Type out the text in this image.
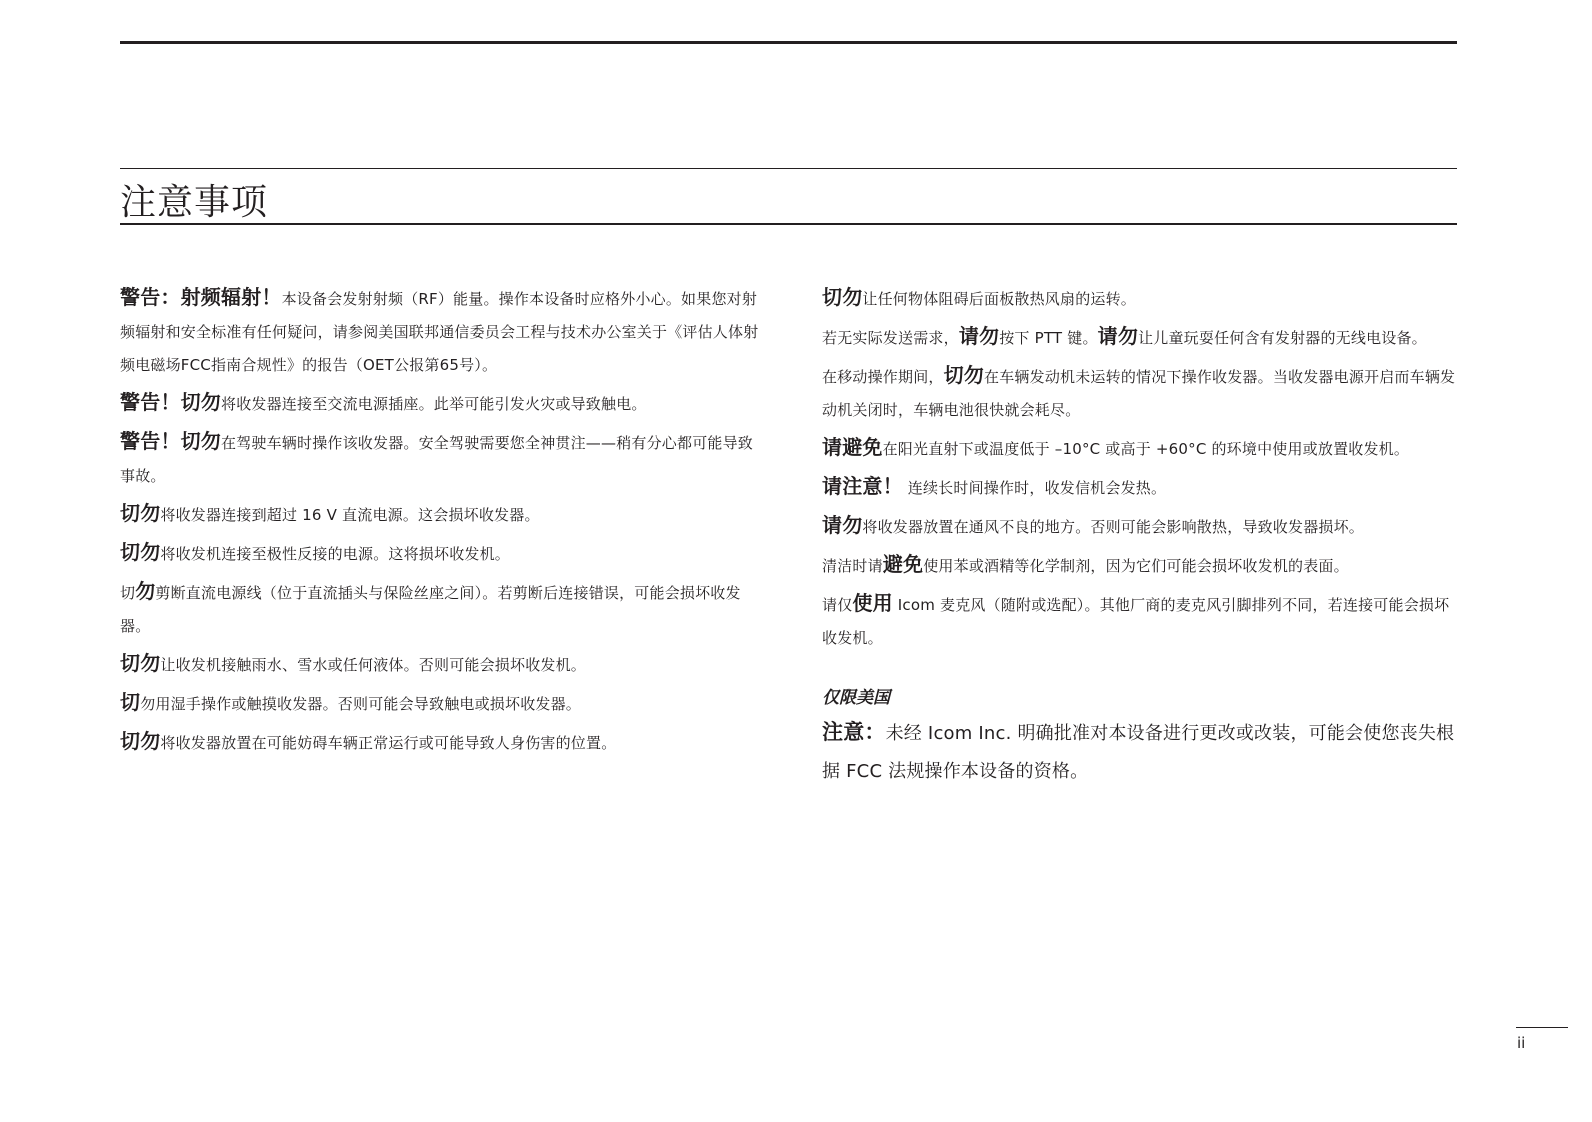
注意事项

警告：射频辐射！本设备会发射射频（RF）能量。操作本设备时应格外小心。如果您对射频辐射和安全标准有任何疑问，请参阅美国联邦通信委员会工程与技术办公室关于《评估人体射频电磁场FCC指南合规性》的报告（OET公报第65号）。

警告！切勿将收发器连接至交流电源插座。此举可能引发火灾或导致触电。

警告！切勿在驾驶车辆时操作该收发器。安全驾驶需要您全神贯注——稍有分心都可能导致事故。

切勿将收发器连接到超过 16 V 直流电源。这会损坏收发器。

切勿将收发机连接至极性反接的电源。这将损坏收发机。

切勿剪断直流电源线（位于直流插头与保险丝座之间）。若剪断后连接错误，可能会损坏收发器。

切勿让收发机接触雨水、雪水或任何液体。否则可能会损坏收发机。

切勿用湿手操作或触摸收发器。否则可能会导致触电或损坏收发器。

切勿将收发器放置在可能妨碍车辆正常运行或可能导致人身伤害的位置。

切勿让任何物体阻碍后面板散热风扇的运转。

若无实际发送需求，请勿按下 PTT 键。请勿让儿童玩耍任何含有发射器的无线电设备。

在移动操作期间，切勿在车辆发动机未运转的情况下操作收发器。当收发器电源开启而车辆发动机关闭时，车辆电池很快就会耗尽。

请避免在阳光直射下或温度低于 –10°C 或高于 +60°C 的环境中使用或放置收发机。

请注意！ 连续长时间操作时，收发信机会发热。

请勿将收发器放置在通风不良的地方。否则可能会影响散热，导致收发器损坏。

清洁时请避免使用苯或酒精等化学制剂，因为它们可能会损坏收发机的表面。

请仅使用 Icom 麦克风（随附或选配）。其他厂商的麦克风引脚排列不同，若连接可能会损坏收发机。

仅限美国

注意：未经 Icom Inc. 明确批准对本设备进行更改或改装，可能会使您丧失根据 FCC 法规操作本设备的资格。

ii
